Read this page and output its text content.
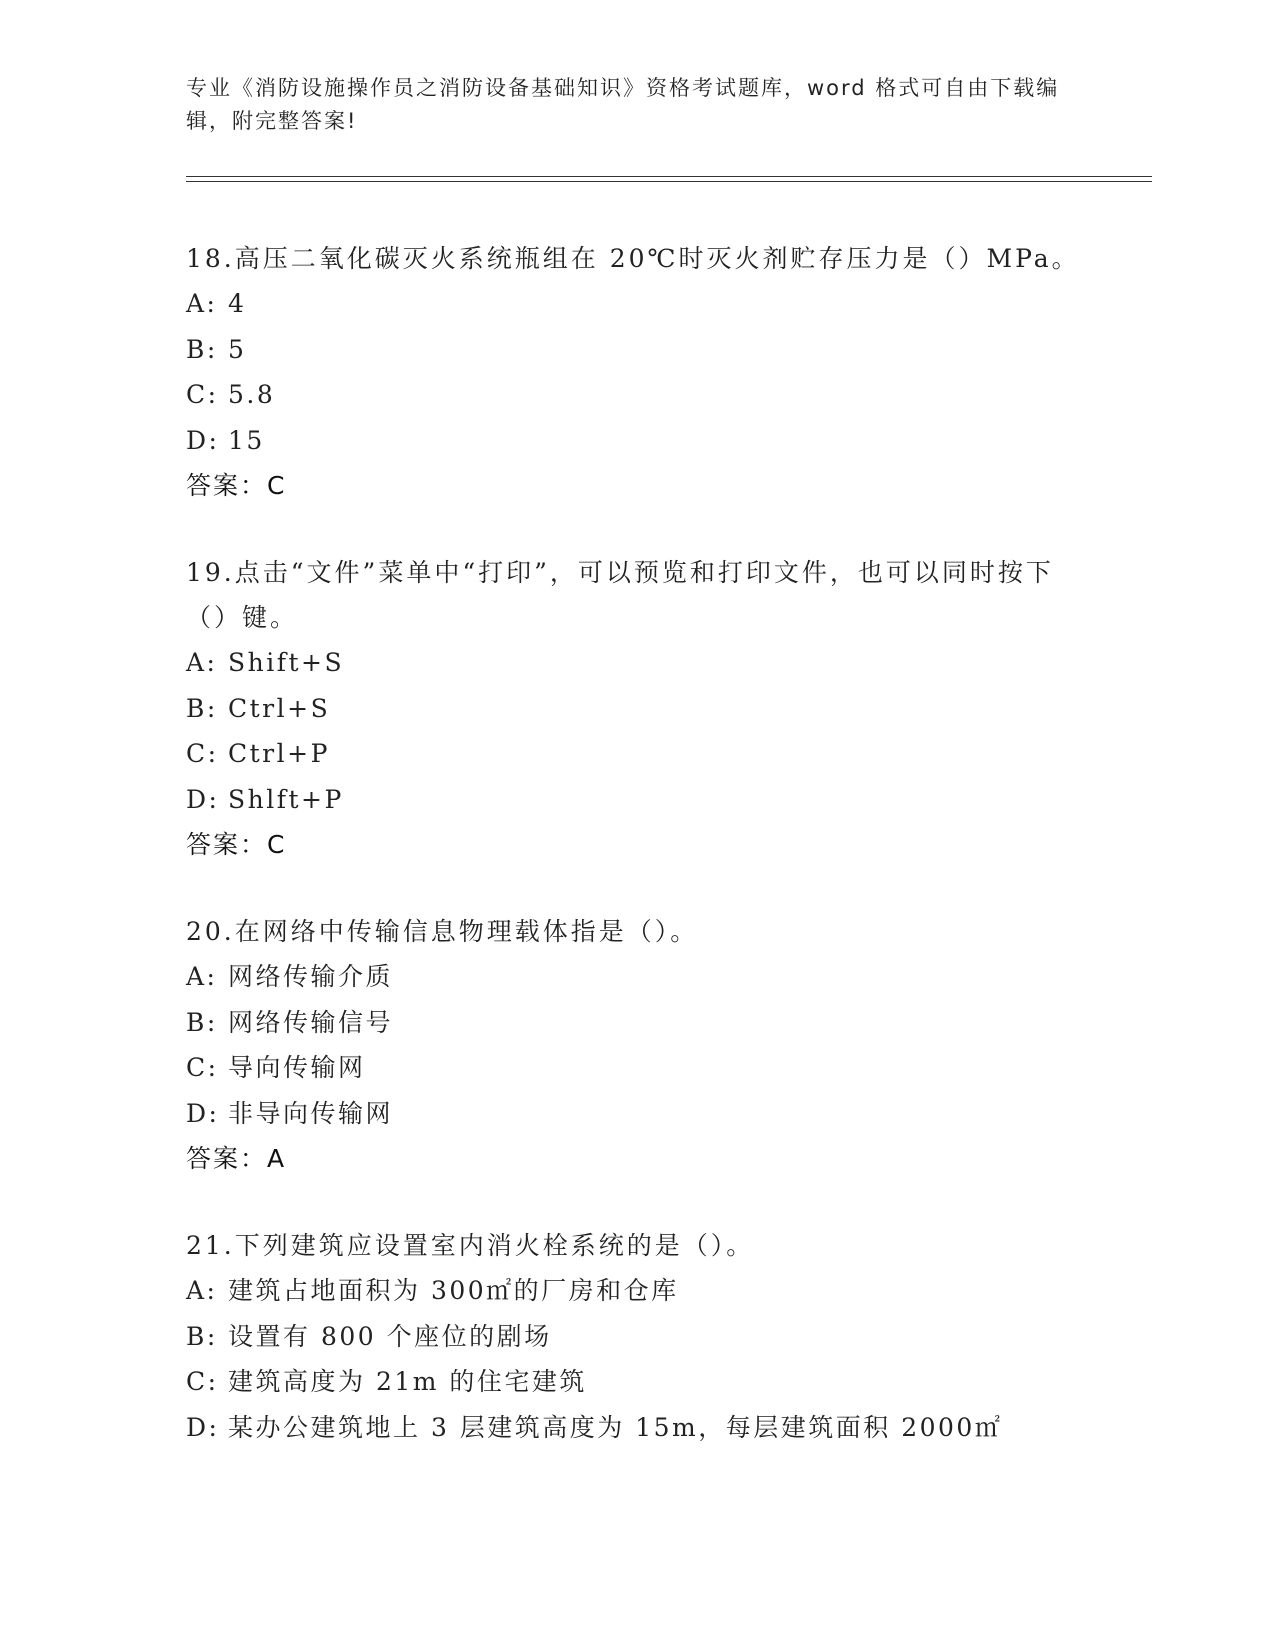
专业《消防设施操作员之消防设备基础知识》资格考试题库，word 格式可自由下载编辑，附完整答案!
18.高压二氧化碳灭火系统瓶组在 20℃时灭火剂贮存压力是（）MPa。
A: 4
B: 5
C: 5.8
D: 15
答案：C
19.点击“文件”菜单中“打印”，可以预览和打印文件，也可以同时按下（）键。
A: Shift+S
B: Ctrl+S
C: Ctrl+P
D: Shlft+P
答案：C
20.在网络中传输信息物理载体指是（）。
A: 网络传输介质
B: 网络传输信号
C: 导向传输网
D: 非导向传输网
答案：A
21.下列建筑应设置室内消火栓系统的是（）。
A: 建筑占地面积为 300㎡的厂房和仓库
B: 设置有 800 个座位的剧场
C: 建筑高度为 21m 的住宅建筑
D: 某办公建筑地上 3 层建筑高度为 15m，每层建筑面积 2000㎡
